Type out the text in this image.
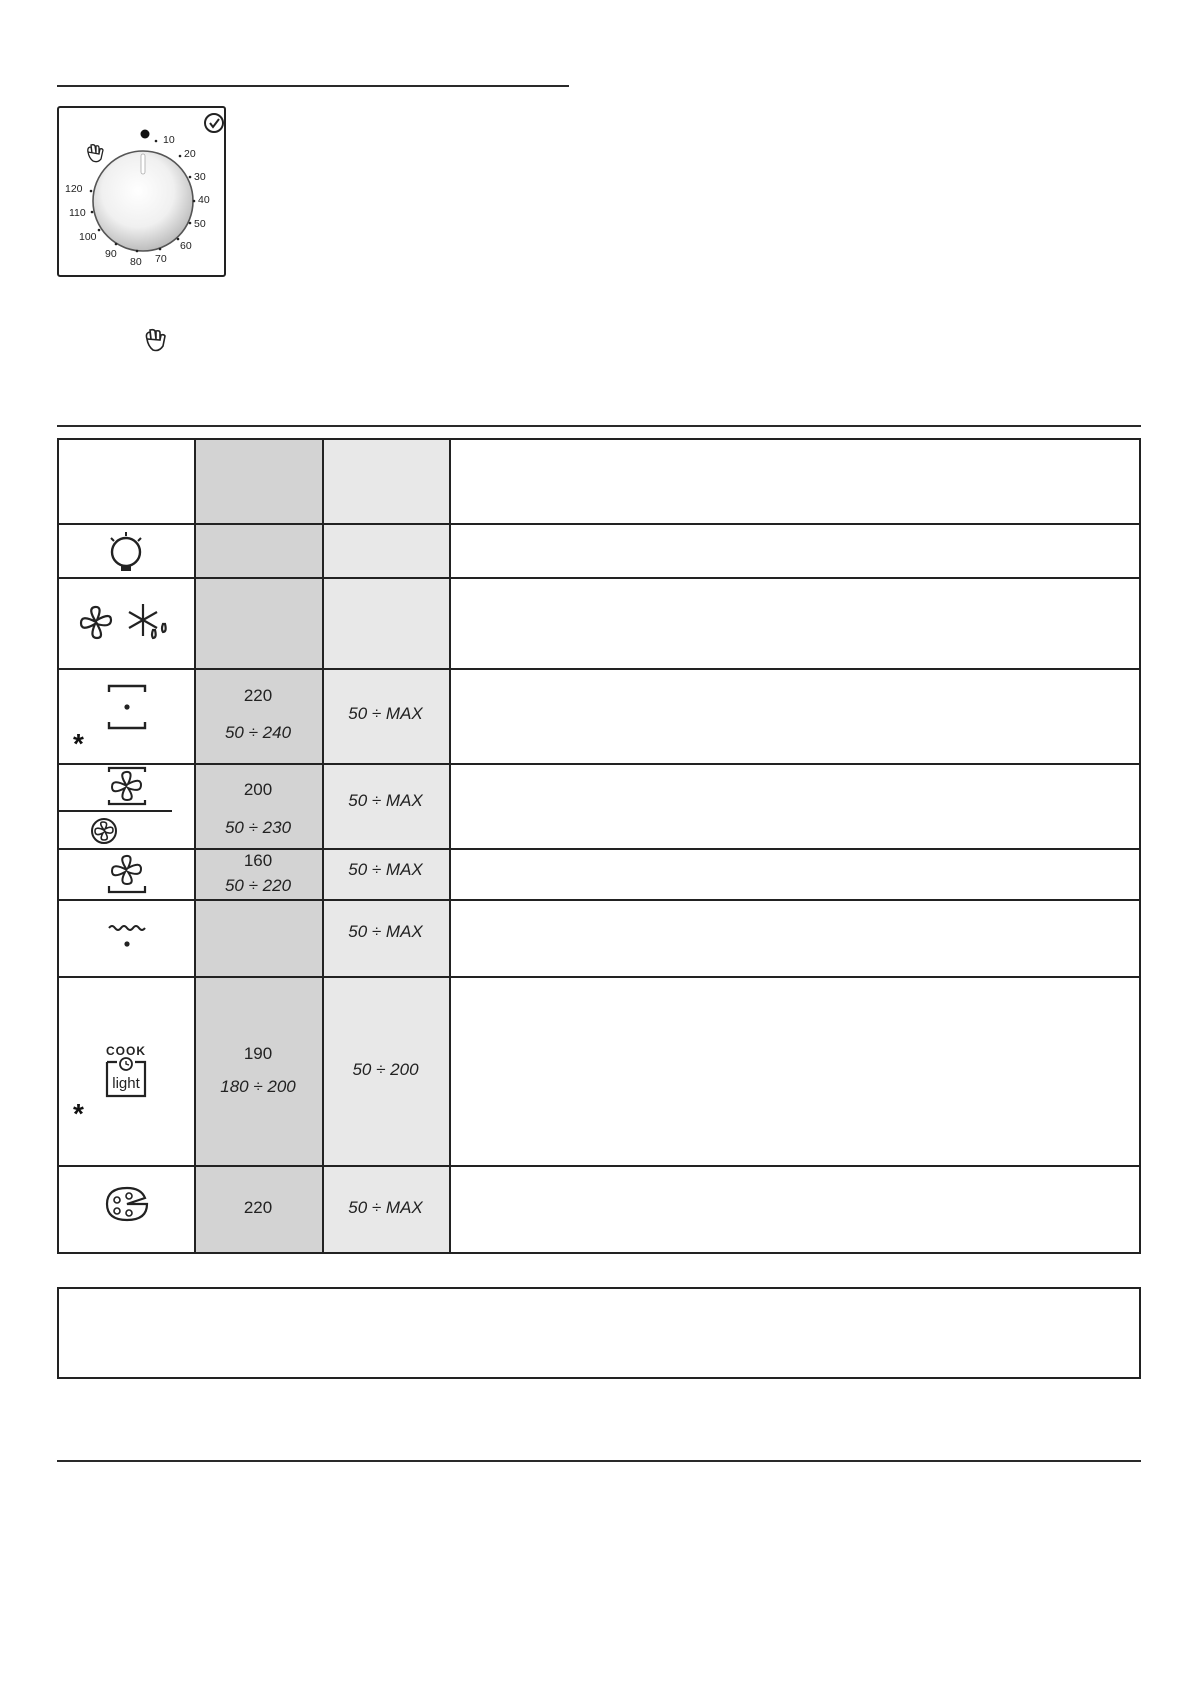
10
20
30
40
50
60
70
80
90
100
110
120
*
220
50 ÷ 240
50 ÷ MAX
200
50 ÷ 230
50 ÷ MAX
160
50 ÷ 220
50 ÷ MAX
50 ÷ MAX
COOK
light
*
190
180 ÷ 200
50 ÷ 200
220	50 ÷ MAX
